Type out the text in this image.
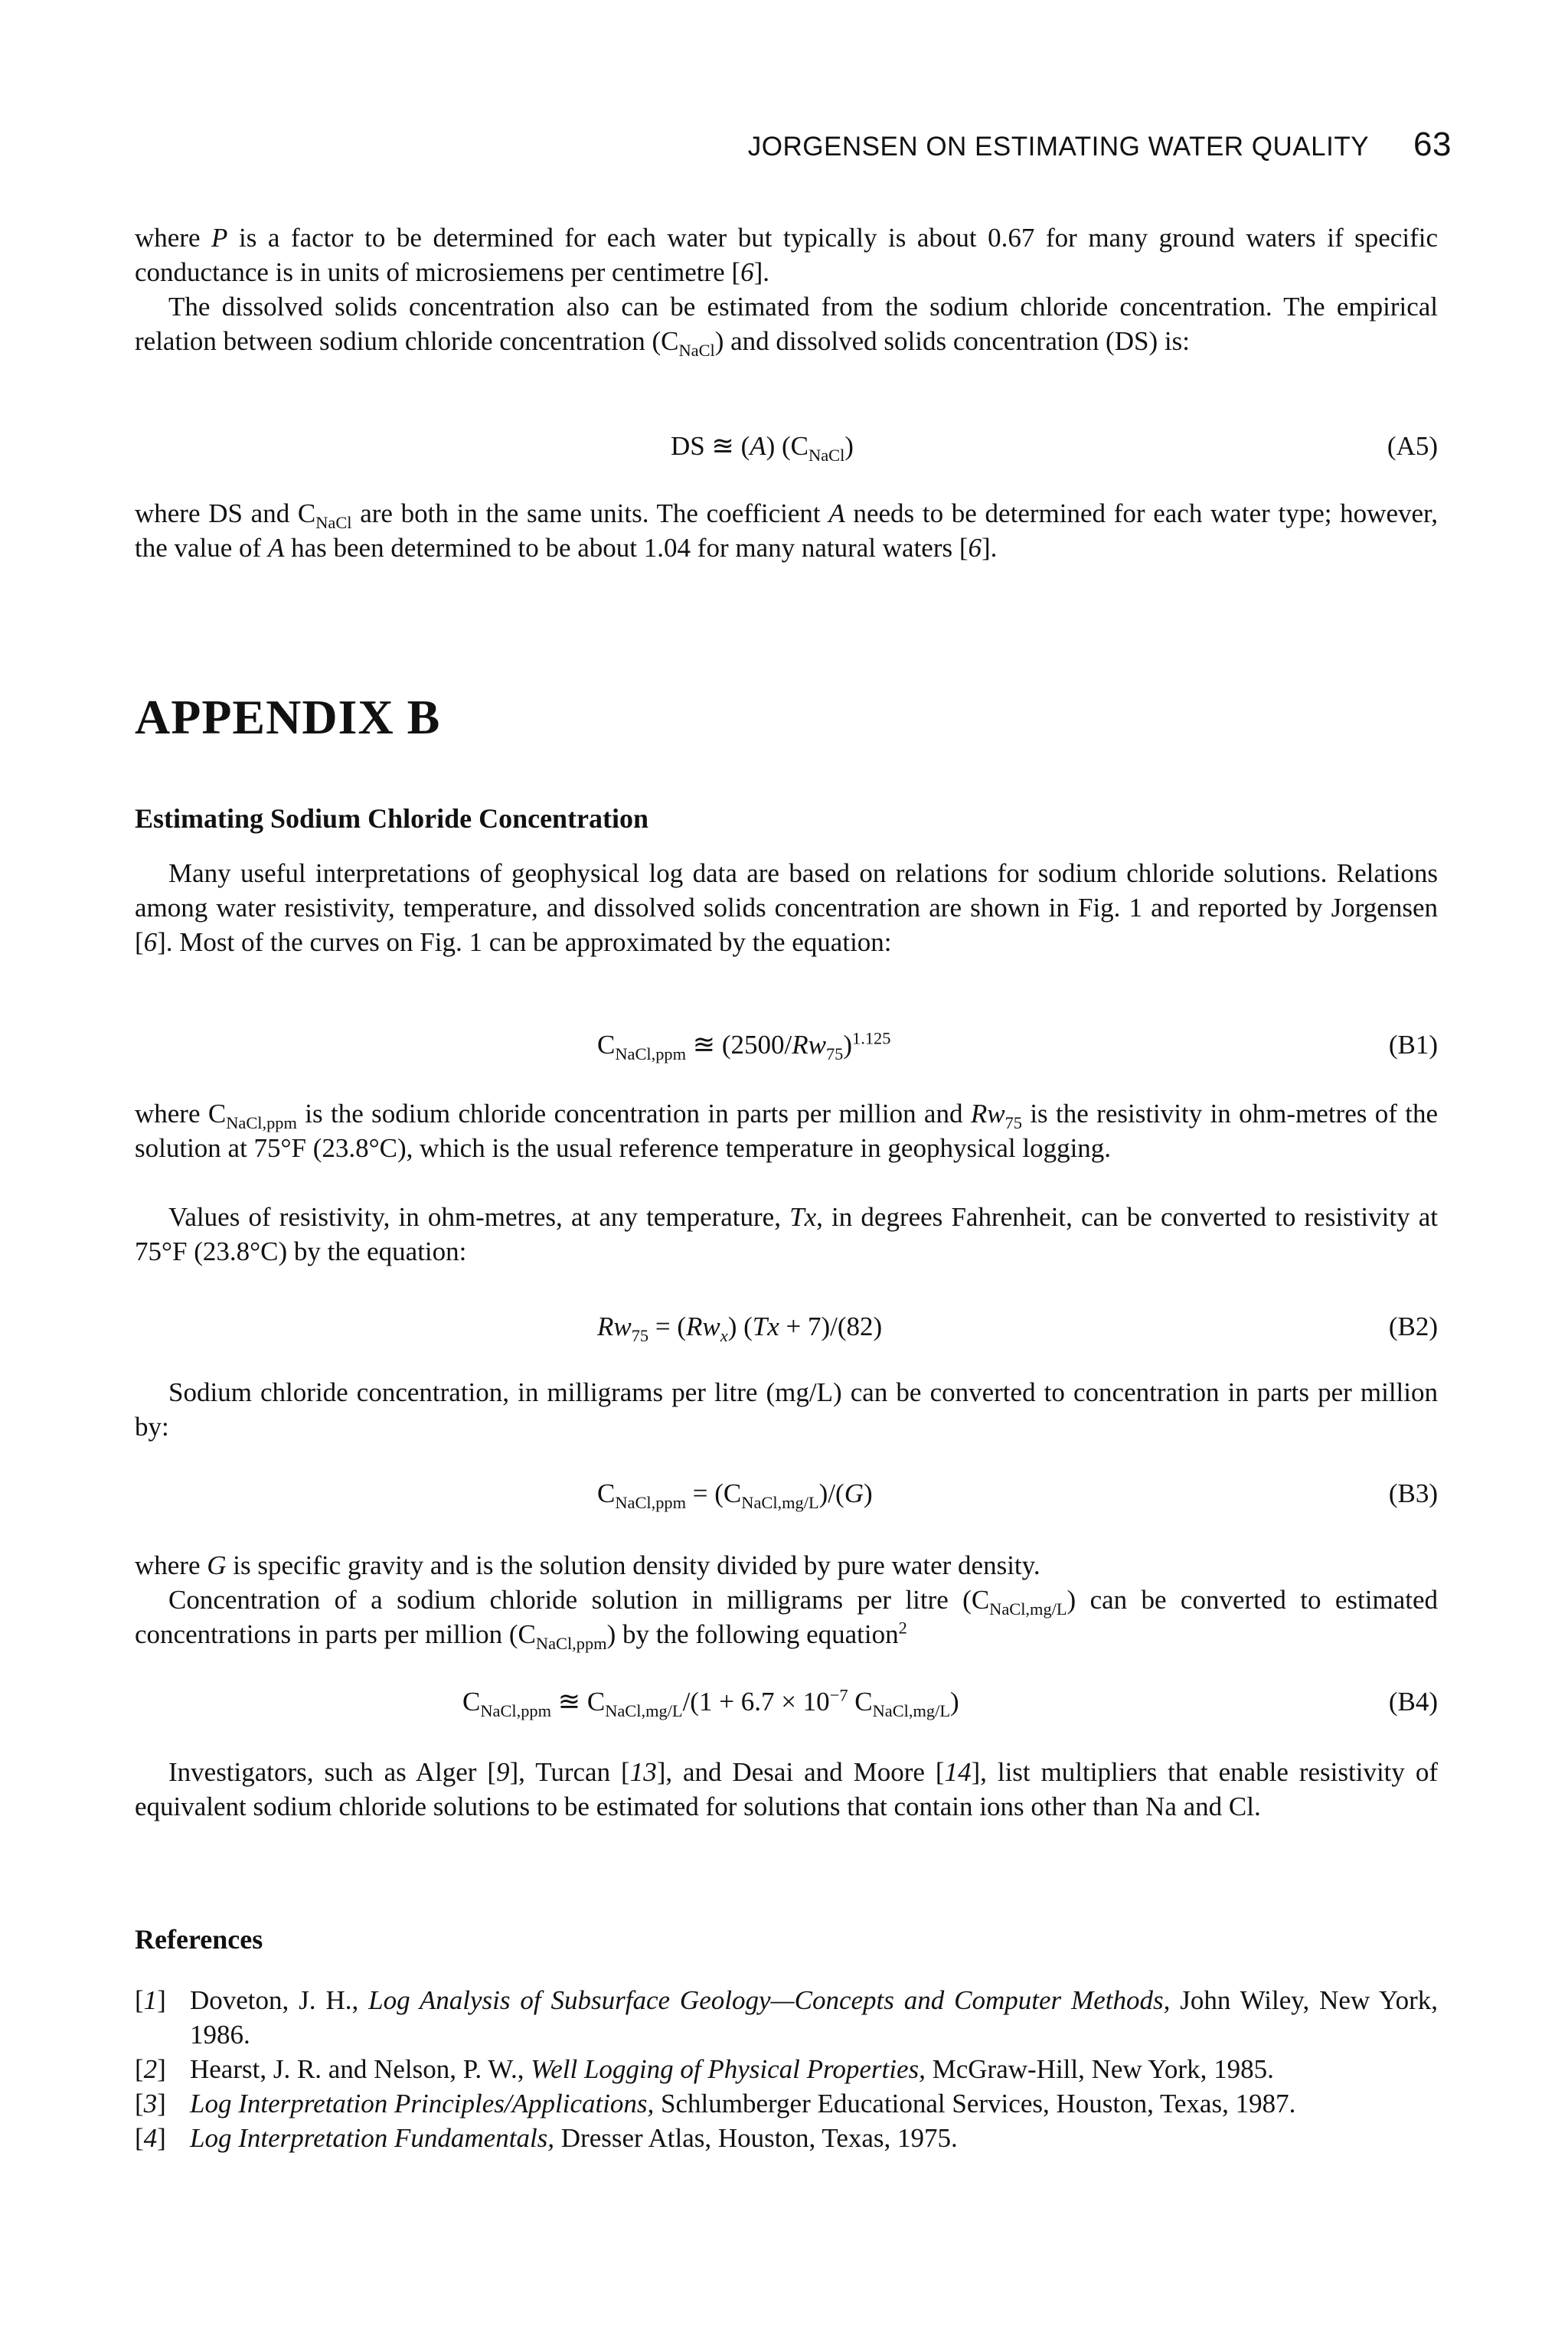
JORGENSEN ON ESTIMATING WATER QUALITY 63

where P is a factor to be determined for each water but typically is about 0.67 for many ground waters if specific conductance is in units of microsiemens per centimetre [6].

The dissolved solids concentration also can be estimated from the sodium chloride concentration. The empirical relation between sodium chloride concentration $(C_{NaCl})$ and dissolved solids concentration (DS) is:

DS ≊ (A) $(C_{NaCl})$	(A5)

where DS and $C_{NaCl}$ are both in the same units. The coefficient A needs to be determined for each water type; however, the value of A has been determined to be about 1.04 for many natural waters [6].

APPENDIX B
Estimating Sodium Chloride Concentration

Many useful interpretations of geophysical log data are based on relations for sodium chloride solutions. Relations among water resistivity, temperature, and dissolved solids concentration are shown in Fig. 1 and reported by Jorgensen [6]. Most of the curves on Fig. 1 can be approximated by the equation:

$C_{NaCl,ppm}$ ≊ $(2500/Rw_{75})^{1.125}$	(B1)

where $C_{NaCl,ppm}$ is the sodium chloride concentration in parts per million and $Rw_{75}$ is the resistivity in ohm-metres of the solution at 75°F (23.8°C), which is the usual reference temperature in geophysical logging.

Values of resistivity, in ohm-metres, at any temperature, Tx, in degrees Fahrenheit, can be converted to resistivity at 75°F (23.8°C) by the equation:

$Rw_{75} = (Rw_x) (Tx + 7)/(82)$	(B2)

Sodium chloride concentration, in milligrams per litre (mg/L) can be converted to concentration in parts per million by:

$C_{NaCl,ppm} = (C_{NaCl,mg/L})/(G)$	(B3)

where G is specific gravity and is the solution density divided by pure water density.

Concentration of a sodium chloride solution in milligrams per litre $(C_{NaCl,mg/L})$ can be converted to estimated concentrations in parts per million $(C_{NaCl,ppm})$ by the following equation$^2$

$C_{NaCl,ppm}$ ≊ $C_{NaCl,mg/L}/(1 + 6.7 \times 10^{-7}$ $C_{NaCl,mg/L}$)	(B4)

Investigators, such as Alger [9], Turcan [13], and Desai and Moore [14], list multipliers that enable resistivity of equivalent sodium chloride solutions to be estimated for solutions that contain ions other than Na and Cl.

References
[1] Doveton, J. H., Log Analysis of Subsurface Geology—Concepts and Computer Methods, John Wiley, New York, 1986.
[2] Hearst, J. R. and Nelson, P. W., Well Logging of Physical Properties, McGraw-Hill, New York, 1985.
[3] Log Interpretation Principles/Applications, Schlumberger Educational Services, Houston, Texas, 1987.
[4] Log Interpretation Fundamentals, Dresser Atlas, Houston, Texas, 1975.
